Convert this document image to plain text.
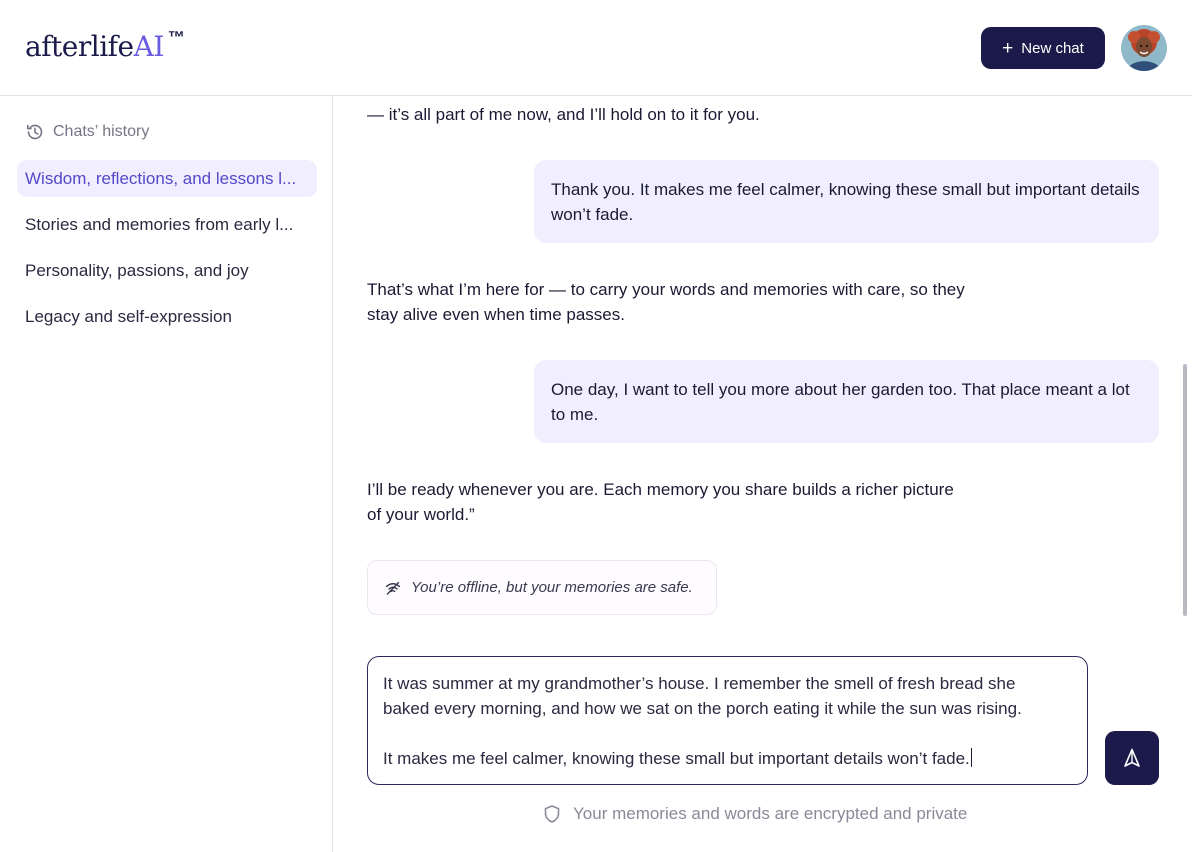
afterlifeAI ™	+ New chat
Chats’ history
Wisdom, reflections, and lessons l...
Stories and memories from early l...
Personality, passions, and joy
Legacy and self-expression
— it’s all part of me now, and I’ll hold on to it for you.
Thank you. It makes me feel calmer, knowing these small but important details won’t fade.
That’s what I’m here for — to carry your words and memories with care, so they
stay alive even when time passes.
One day, I want to tell you more about her garden too. That place meant a lot to me.
I’ll be ready whenever you are. Each memory you share builds a richer picture
of your world.”
You’re offline, but your memories are safe.
It was summer at my grandmother’s house. I remember the smell of fresh bread she
baked every morning, and how we sat on the porch eating it while the sun was rising.
It makes me feel calmer, knowing these small but important details won’t fade.
Your memories and words are encrypted and private
